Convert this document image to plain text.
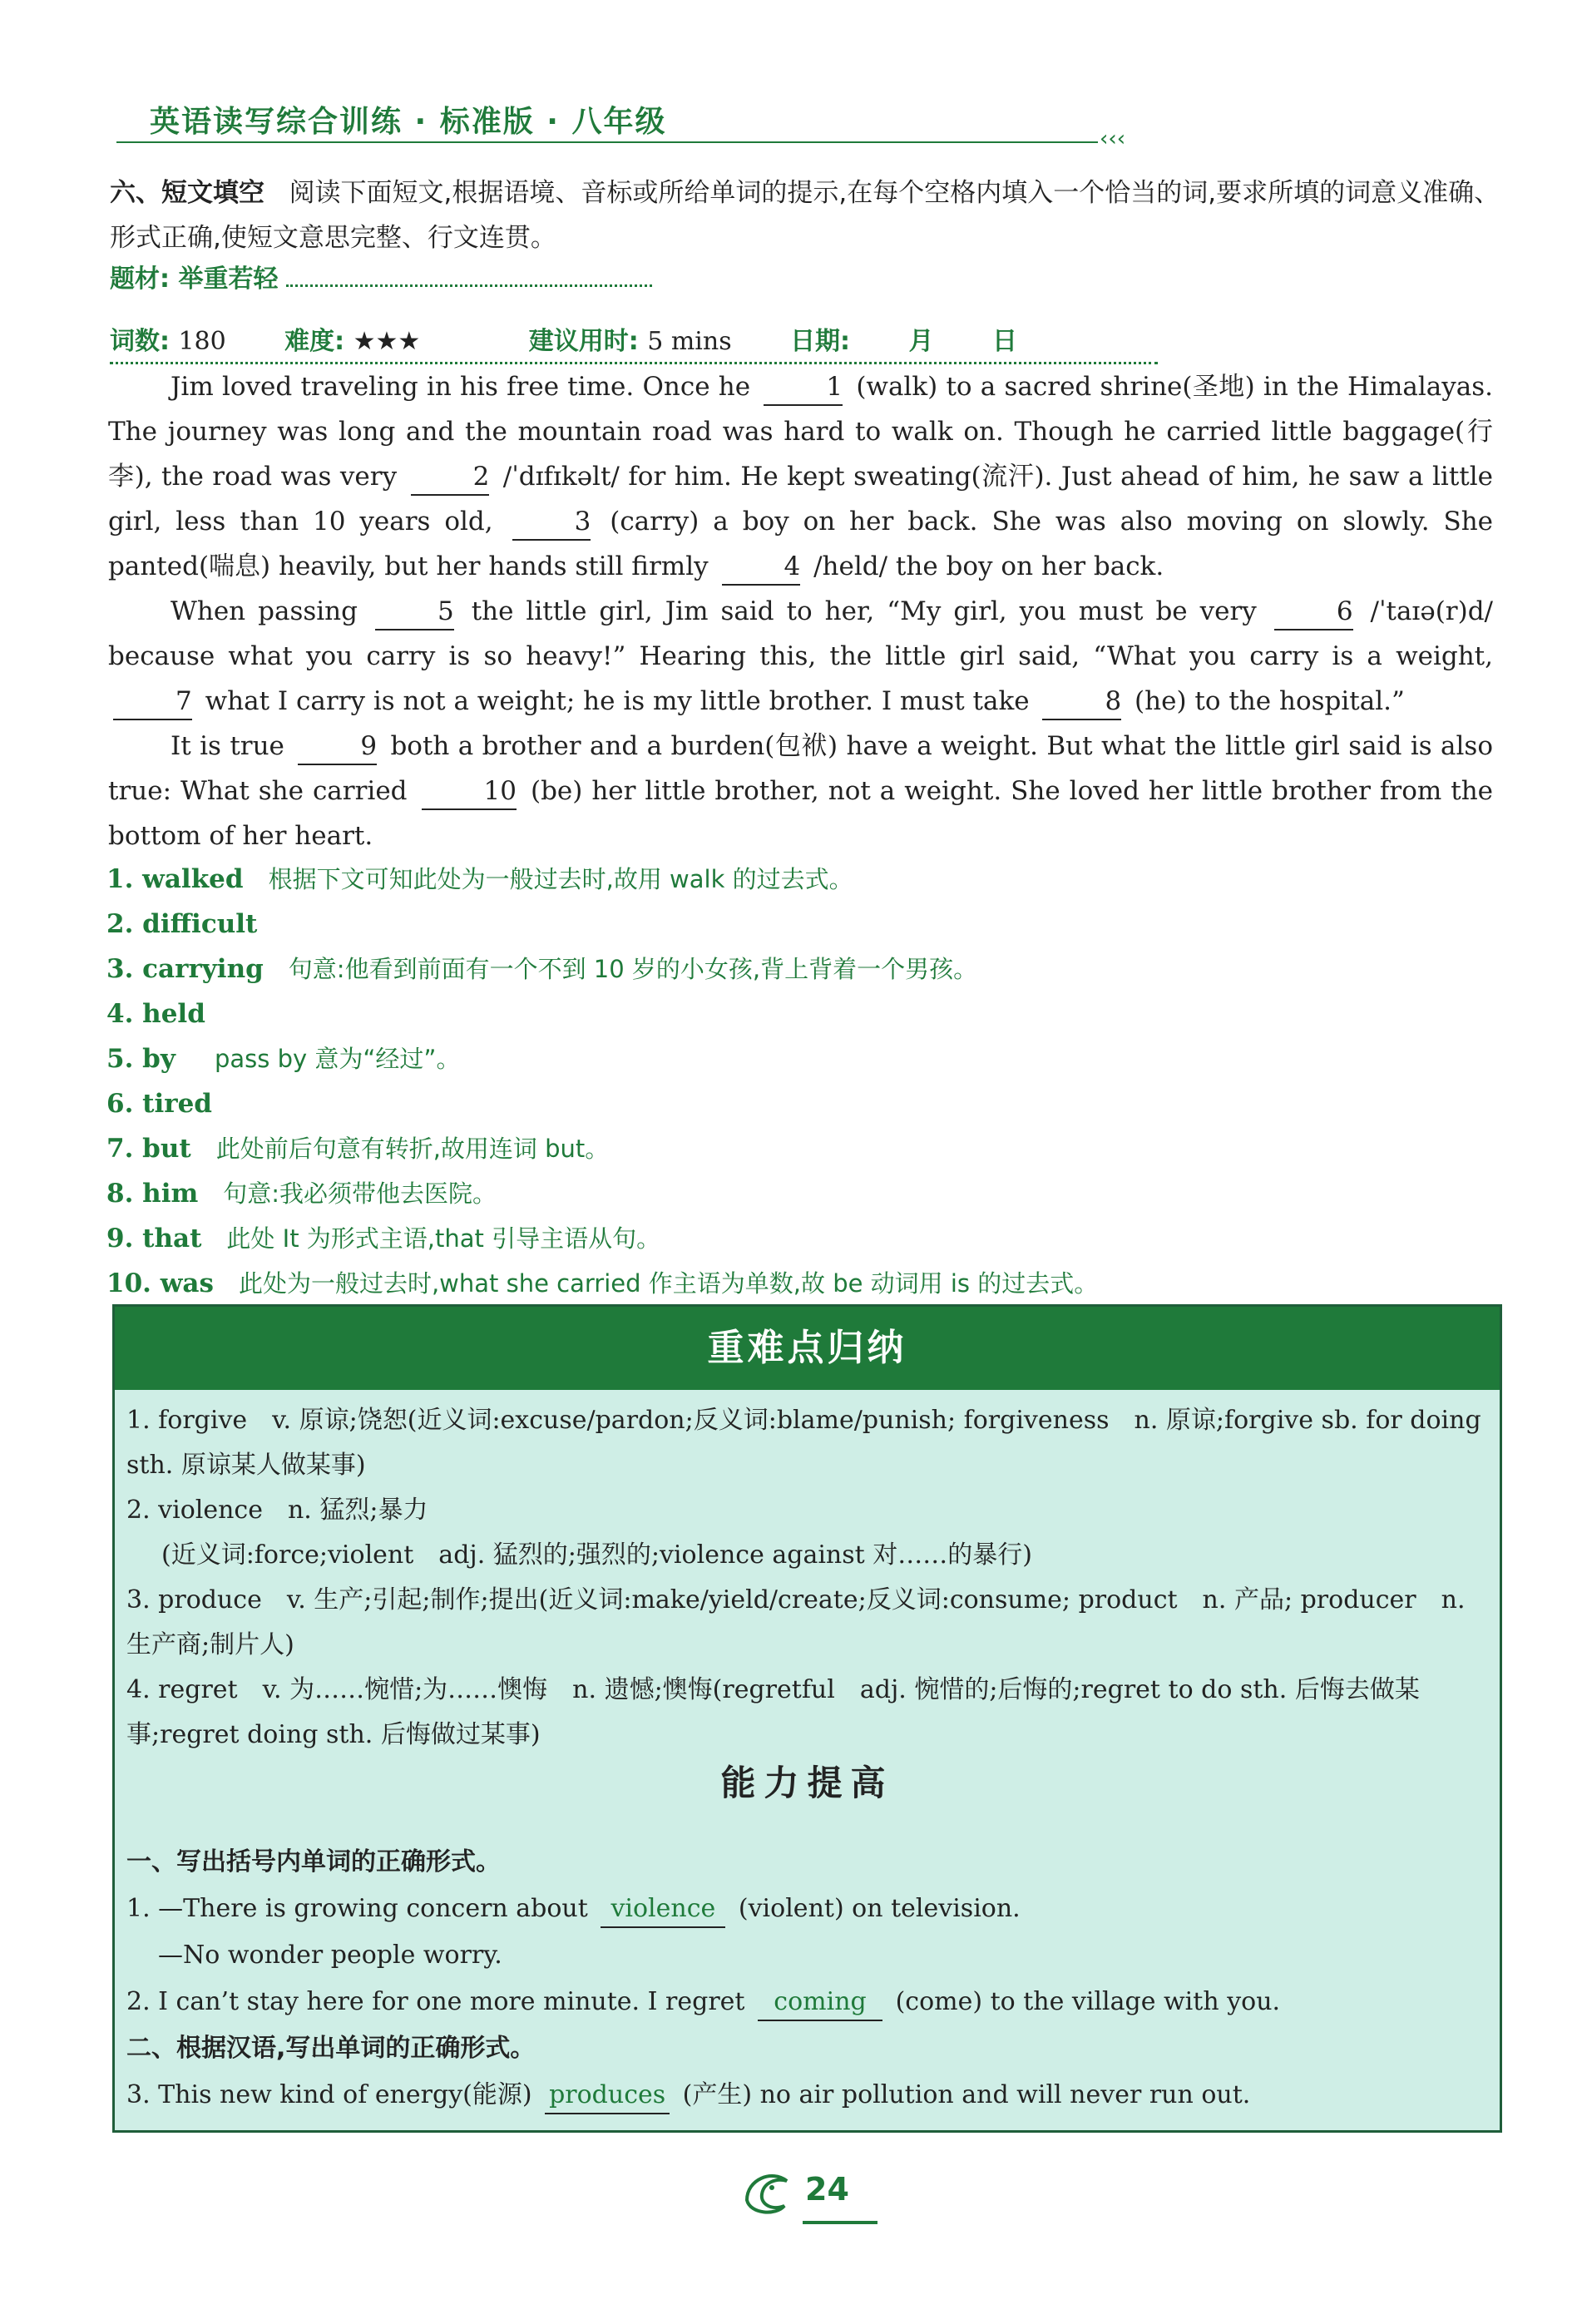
英语读写综合训练 · 标准版 · 八年级	‹‹‹
六、短文填空 阅读下面短文,根据语境、音标或所给单词的提示,在每个空格内填入一个恰当的词,要求所填的词意义准确、形式正确,使短文意思完整、行文连贯。
题材: 举重若轻
词数: 180 难度: ★★★	建议用时: 5 mins 日期: 月 日

Jim loved traveling in his free time. Once he	1 (walk) to a sacred shrine(圣地) in the Himalayas. The journey was long and the mountain road was hard to walk on. Though he carried little baggage(行李), the road was very	2 /ˈdɪfɪkəlt/ for him. He kept sweating(流汗). Just ahead of him, he saw a little girl, less than 10 years old,	3 (carry) a boy on her back. She was also moving on slowly. She panted(喘息) heavily, but her hands still firmly	4 /held/ the boy on her back.

When passing	5 the little girl, Jim said to her, “My girl, you must be very	6 /ˈtaɪə(r)d/ because what you carry is so heavy!” Hearing this, the little girl said, “What you carry is a weight, 7 what I carry is not a weight; he is my little brother. I must take	8 (he) to the hospital.”

It is true	9 both a brother and a burden(包袱) have a weight. But what the little girl said is also true: What she carried	10 (be) her little brother, not a weight. She loved her little brother from the bottom of her heart.

1. walked 根据下文可知此处为一般过去时,故用 walk 的过去式。
2. difficult
3. carrying 句意:他看到前面有一个不到 10 岁的小女孩,背上背着一个男孩。
4. held
5. by	pass by 意为“经过”。
6. tired
7. but 此处前后句意有转折,故用连词 but。
8. him 句意:我必须带他去医院。
9. that 此处 It 为形式主语,that 引导主语从句。
10. was 此处为一般过去时,what she carried 作主语为单数,故 be 动词用 is 的过去式。
重难点归纳

1. forgive　v. 原谅;饶恕(近义词:excuse/pardon;反义词:blame/punish; forgiveness　n. 原谅;forgive sb. for doing sth. 原谅某人做某事)

2. violence　n. 猛烈;暴力

(近义词:force;violent　adj. 猛烈的;强烈的;violence against 对……的暴行)

3. produce　v. 生产;引起;制作;提出(近义词:make/yield/create;反义词:consume; product　n. 产品; producer　n. 生产商;制片人)

4. regret　v. 为……惋惜;为……懊悔　n. 遗憾;懊悔(regretful　adj. 惋惜的;后悔的;regret to do sth. 后悔去做某事;regret doing sth. 后悔做过某事)

能力提高
一、写出括号内单词的正确形式。
1. —There is growing concern about violence (violent) on television.
—No wonder people worry.
2. I can’t stay here for one more minute. I regret coming (come) to the village with you.
二、根据汉语,写出单词的正确形式。
3. This new kind of energy(能源) produces (产生) no air pollution and will never run out.
24
